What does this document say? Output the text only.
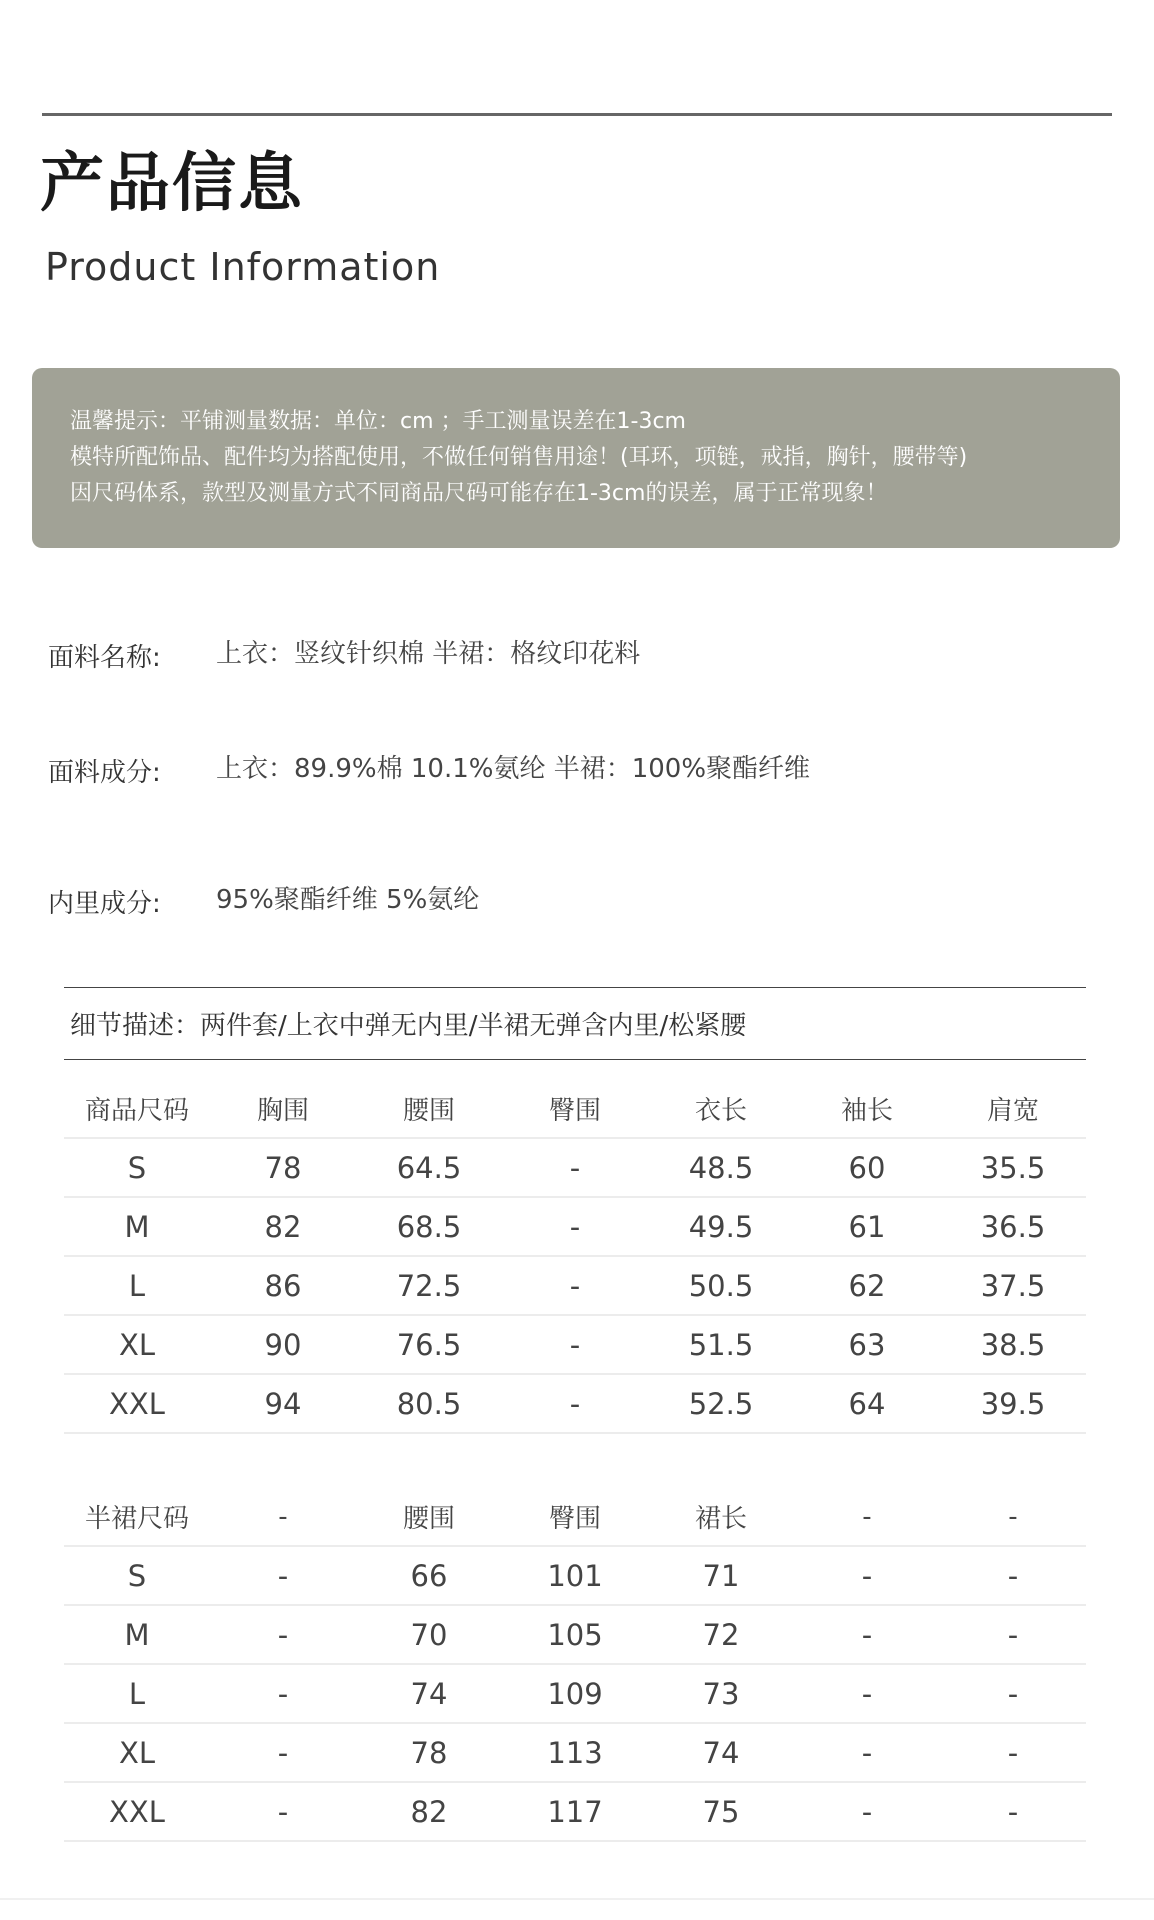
产品信息
Product Information
温馨提示：平铺测量数据：单位：cm ；手工测量误差在1-3cm
模特所配饰品、配件均为搭配使用，不做任何销售用途！(耳环，项链，戒指，胸针，腰带等)
因尺码体系，款型及测量方式不同商品尺码可能存在1-3cm的误差，属于正常现象！
面料名称: 上衣：竖纹针织棉 半裙：格纹印花料
面料成分: 上衣：89.9%棉 10.1%氨纶 半裙：100%聚酯纤维
内里成分: 95%聚酯纤维 5%氨纶
细节描述：两件套/上衣中弹无内里/半裙无弹含内里/松紧腰
商品尺码	胸围	腰围	臀围	衣长	袖长	肩宽
S	78	64.5	-	48.5	60	35.5
M	82	68.5	-	49.5	61	36.5
L	86	72.5	-	50.5	62	37.5
XL	90	76.5	-	51.5	63	38.5
XXL	94	80.5	-	52.5	64	39.5
半裙尺码	-	腰围	臀围	裙长	-	-
S	-	66	101	71	-	-
M	-	70	105	72	-	-
L	-	74	109	73	-	-
XL	-	78	113	74	-	-
XXL	-	82	117	75	-	-
